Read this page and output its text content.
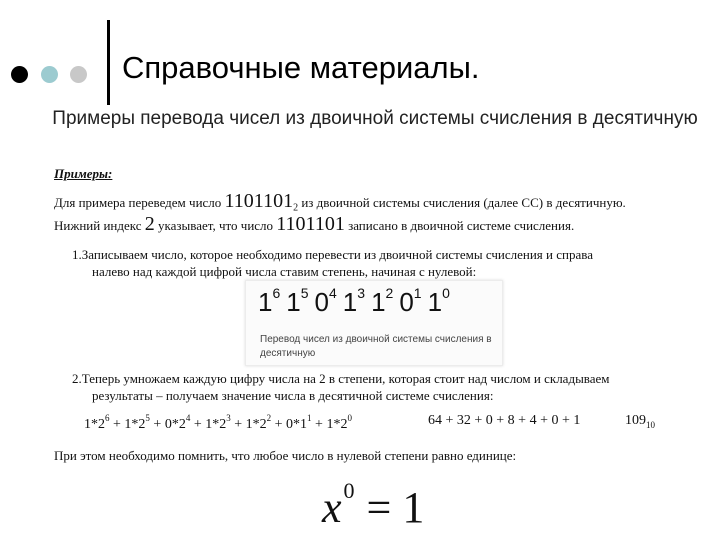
Справочные материалы.
Примеры перевода чисел из двоичной системы счисления в десятичную
Примеры:
Для примера переведем число $1101101_2$ из двоичной системы счисления (далее СС) в десятичную.
Нижний индекс 2 указывает, что число 1101101 записано в двоичной системе счисления.
1.Записываем число, которое необходимо перевести из двоичной системы счисления и справа
налево над каждой цифрой числа ставим степень, начиная с нулевой:
$1^6$ $1^5$ $0^4$ $1^3$ $1^2$ $0^1$ $1^0$
Перевод чисел из двоичной системы счисления в десятичную
2.Теперь умножаем каждую цифру числа на 2 в степени, которая стоит над числом и складываем
результаты – получаем значение числа в десятичной системе счисления:
$1*2^6 + 1*2^5 + 0*2^4 + 1*2^3 + 1*2^2 + 0*1^1 + 1*2^0$	64 + 32 + 0 + 8 + 4 + 0 + 1	$109_{10}$
При этом необходимо помнить, что любое число в нулевой степени равно единице:
$x^0 = 1$
